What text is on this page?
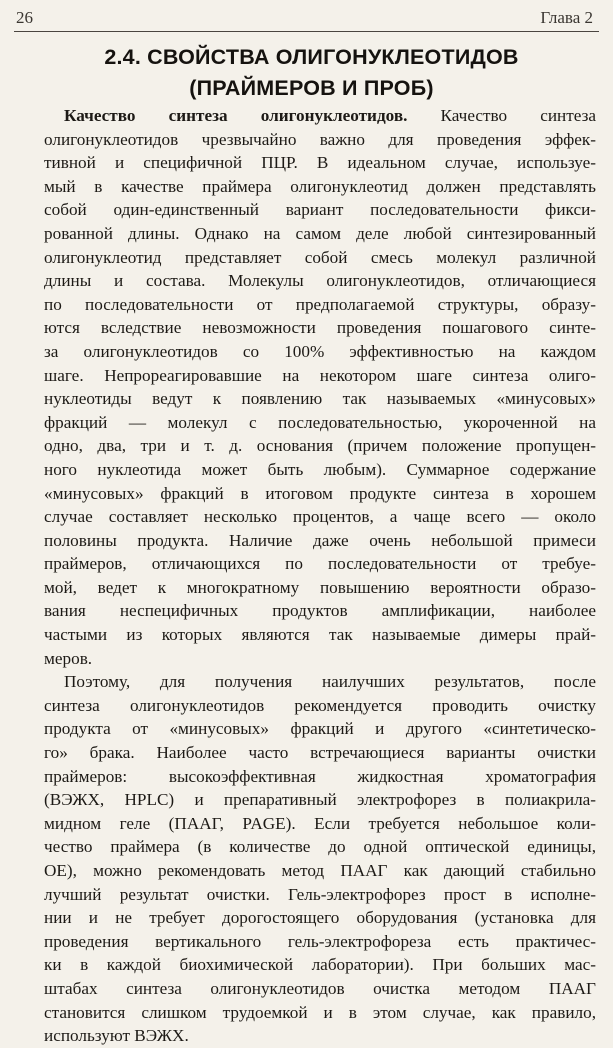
26	Глава 2
2.4. СВОЙСТВА ОЛИГОНУКЛЕОТИДОВ
(ПРАЙМЕРОВ И ПРОБ)
Качество синтеза олигонуклеотидов. Качество синтеза
олигонуклеотидов чрезвычайно важно для проведения эффек-
тивной и специфичной ПЦР. В идеальном случае, используе-
мый в качестве праймера олигонуклеотид должен представлять
собой один-единственный вариант последовательности фикси-
рованной длины. Однако на самом деле любой синтезированный
олигонуклеотид представляет собой смесь молекул различной
длины и состава. Молекулы олигонуклеотидов, отличающиеся
по последовательности от предполагаемой структуры, образу-
ются вследствие невозможности проведения пошагового синте-
за олигонуклеотидов со 100% эффективностью на каждом
шаге. Непрореагировавшие на некотором шаге синтеза олиго-
нуклеотиды ведут к появлению так называемых «минусовых»
фракций — молекул с последовательностью, укороченной на
одно, два, три и т. д. основания (причем положение пропущен-
ного нуклеотида может быть любым). Суммарное содержание
«минусовых» фракций в итоговом продукте синтеза в хорошем
случае составляет несколько процентов, а чаще всего — около
половины продукта. Наличие даже очень небольшой примеси
праймеров, отличающихся по последовательности от требуе-
мой, ведет к многократному повышению вероятности образо-
вания неспецифичных продуктов амплификации, наиболее
частыми из которых являются так называемые димеры прай-
меров.
Поэтому, для получения наилучших результатов, после
синтеза олигонуклеотидов рекомендуется проводить очистку
продукта от «минусовых» фракций и другого «синтетическо-
го» брака. Наиболее часто встречающиеся варианты очистки
праймеров: высокоэффективная жидкостная хроматография
(ВЭЖХ, HPLC) и препаративный электрофорез в полиакрила-
мидном геле (ПААГ, PAGE). Если требуется небольшое коли-
чество праймера (в количестве до одной оптической единицы,
ОЕ), можно рекомендовать метод ПААГ как дающий стабильно
лучший результат очистки. Гель-электрофорез прост в исполне-
нии и не требует дорогостоящего оборудования (установка для
проведения вертикального гель-электрофореза есть практичес-
ки в каждой биохимической лаборатории). При больших мас-
штабах синтеза олигонуклеотидов очистка методом ПААГ
становится слишком трудоемкой и в этом случае, как правило,
используют ВЭЖХ.
